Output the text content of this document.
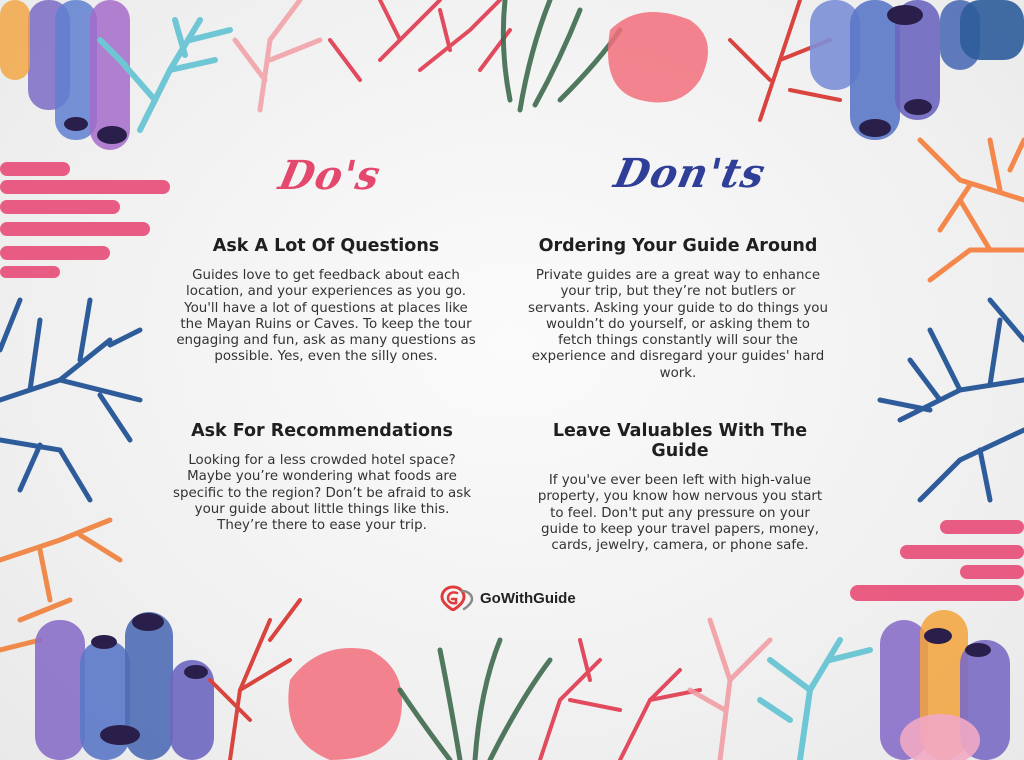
Do's	Don'ts
Ask A Lot Of Questions

Guides love to get feedback about each location, and your experiences as you go. You'll have a lot of questions at places like the Mayan Ruins or Caves. To keep the tour engaging and fun, ask as many questions as possible. Yes, even the silly ones.

Ask For Recommendations

Looking for a less crowded hotel space? Maybe you’re wondering what foods are specific to the region? Don’t be afraid to ask your guide about little things like this. They’re there to ease your trip.

Ordering Your Guide Around

Private guides are a great way to enhance your trip, but they’re not butlers or servants. Asking your guide to do things you wouldn’t do yourself, or asking them to fetch things constantly will sour the experience and disregard your guides' hard work.

Leave Valuables With The Guide

If you've ever been left with high-value property, you know how nervous you start to feel. Don't put any pressure on your guide to keep your travel papers, money, cards, jewelry, camera, or phone safe.

GoWithGuide
